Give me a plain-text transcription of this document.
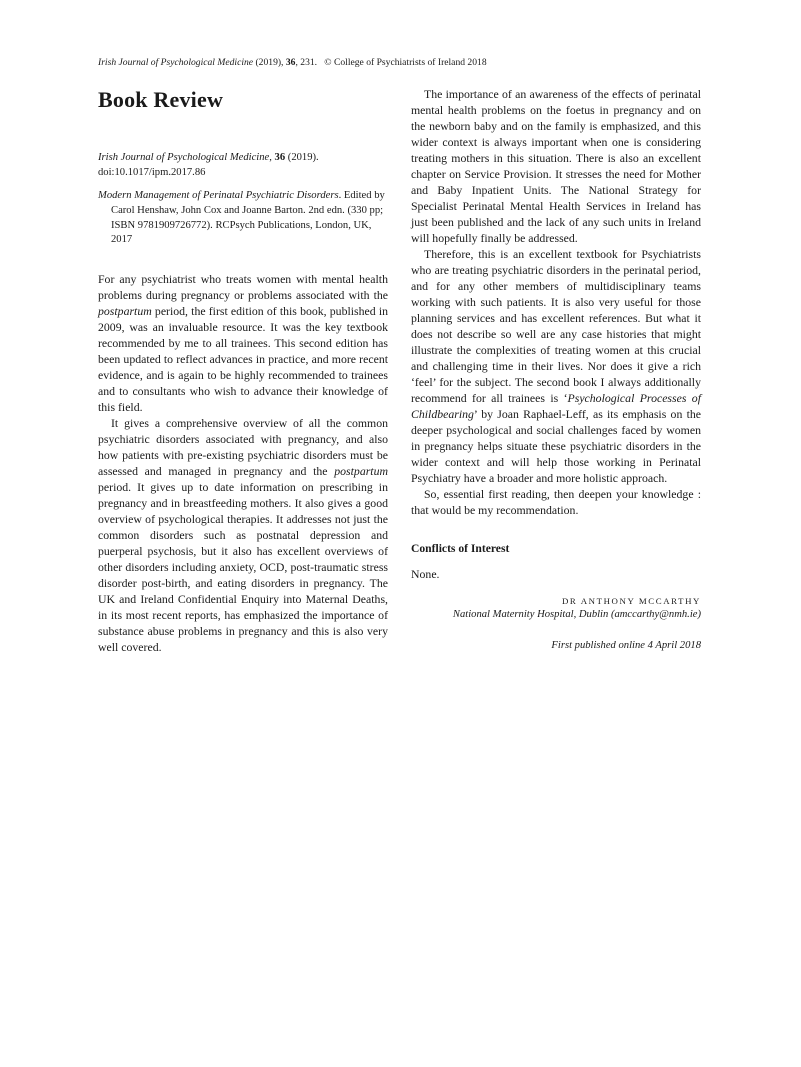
Irish Journal of Psychological Medicine (2019), 36, 231. © College of Psychiatrists of Ireland 2018
Book Review
Irish Journal of Psychological Medicine, 36 (2019).
doi:10.1017/ipm.2017.86
Modern Management of Perinatal Psychiatric Disorders. Edited by Carol Henshaw, John Cox and Joanne Barton. 2nd edn. (330 pp; ISBN 9781909726772). RCPsych Publications, London, UK, 2017

For any psychiatrist who treats women with mental health problems during pregnancy or problems associated with the postpartum period, the first edition of this book, published in 2009, was an invaluable resource. It was the key textbook recommended by me to all trainees. This second edition has been updated to reflect advances in practice, and more recent evidence, and is again to be highly recommended to trainees and to consultants who wish to advance their knowledge of this field.

It gives a comprehensive overview of all the common psychiatric disorders associated with pregnancy, and also how patients with pre-existing psychiatric disorders must be assessed and managed in pregnancy and the postpartum period. It gives up to date information on prescribing in pregnancy and in breastfeeding mothers. It also gives a good overview of psychological therapies. It addresses not just the common disorders such as postnatal depression and puerperal psychosis, but it also has excellent overviews of other disorders including anxiety, OCD, post-traumatic stress disorder post-birth, and eating disorders in pregnancy. The UK and Ireland Confidential Enquiry into Maternal Deaths, in its most recent reports, has emphasized the importance of substance abuse problems in pregnancy and this is also very well covered.

The importance of an awareness of the effects of perinatal mental health problems on the foetus in pregnancy and on the newborn baby and on the family is emphasized, and this wider context is always important when one is considering treating mothers in this situation. There is also an excellent chapter on Service Provision. It stresses the need for Mother and Baby Inpatient Units. The National Strategy for Specialist Perinatal Mental Health Services in Ireland has just been published and the lack of any such units in Ireland will hopefully finally be addressed.

Therefore, this is an excellent textbook for Psychiatrists who are treating psychiatric disorders in the perinatal period, and for any other members of multidisciplinary teams working with such patients. It is also very useful for those planning services and has excellent references. But what it does not describe so well are any case histories that might illustrate the complexities of treating women at this crucial and challenging time in their lives. Nor does it give a rich ‘feel’ for the subject. The second book I always additionally recommend for all trainees is ‘Psychological Processes of Childbearing’ by Joan Raphael-Leff, as its emphasis on the deeper psychological and social challenges faced by women in pregnancy helps situate these psychiatric disorders in the wider context and will help those working in Perinatal Psychiatry have a broader and more holistic approach.

So, essential first reading, then deepen your knowledge : that would be my recommendation.

Conflicts of Interest
None.
DR ANTHONY MCCARTHY
National Maternity Hospital, Dublin (amccarthy@nmh.ie)
First published online 4 April 2018
